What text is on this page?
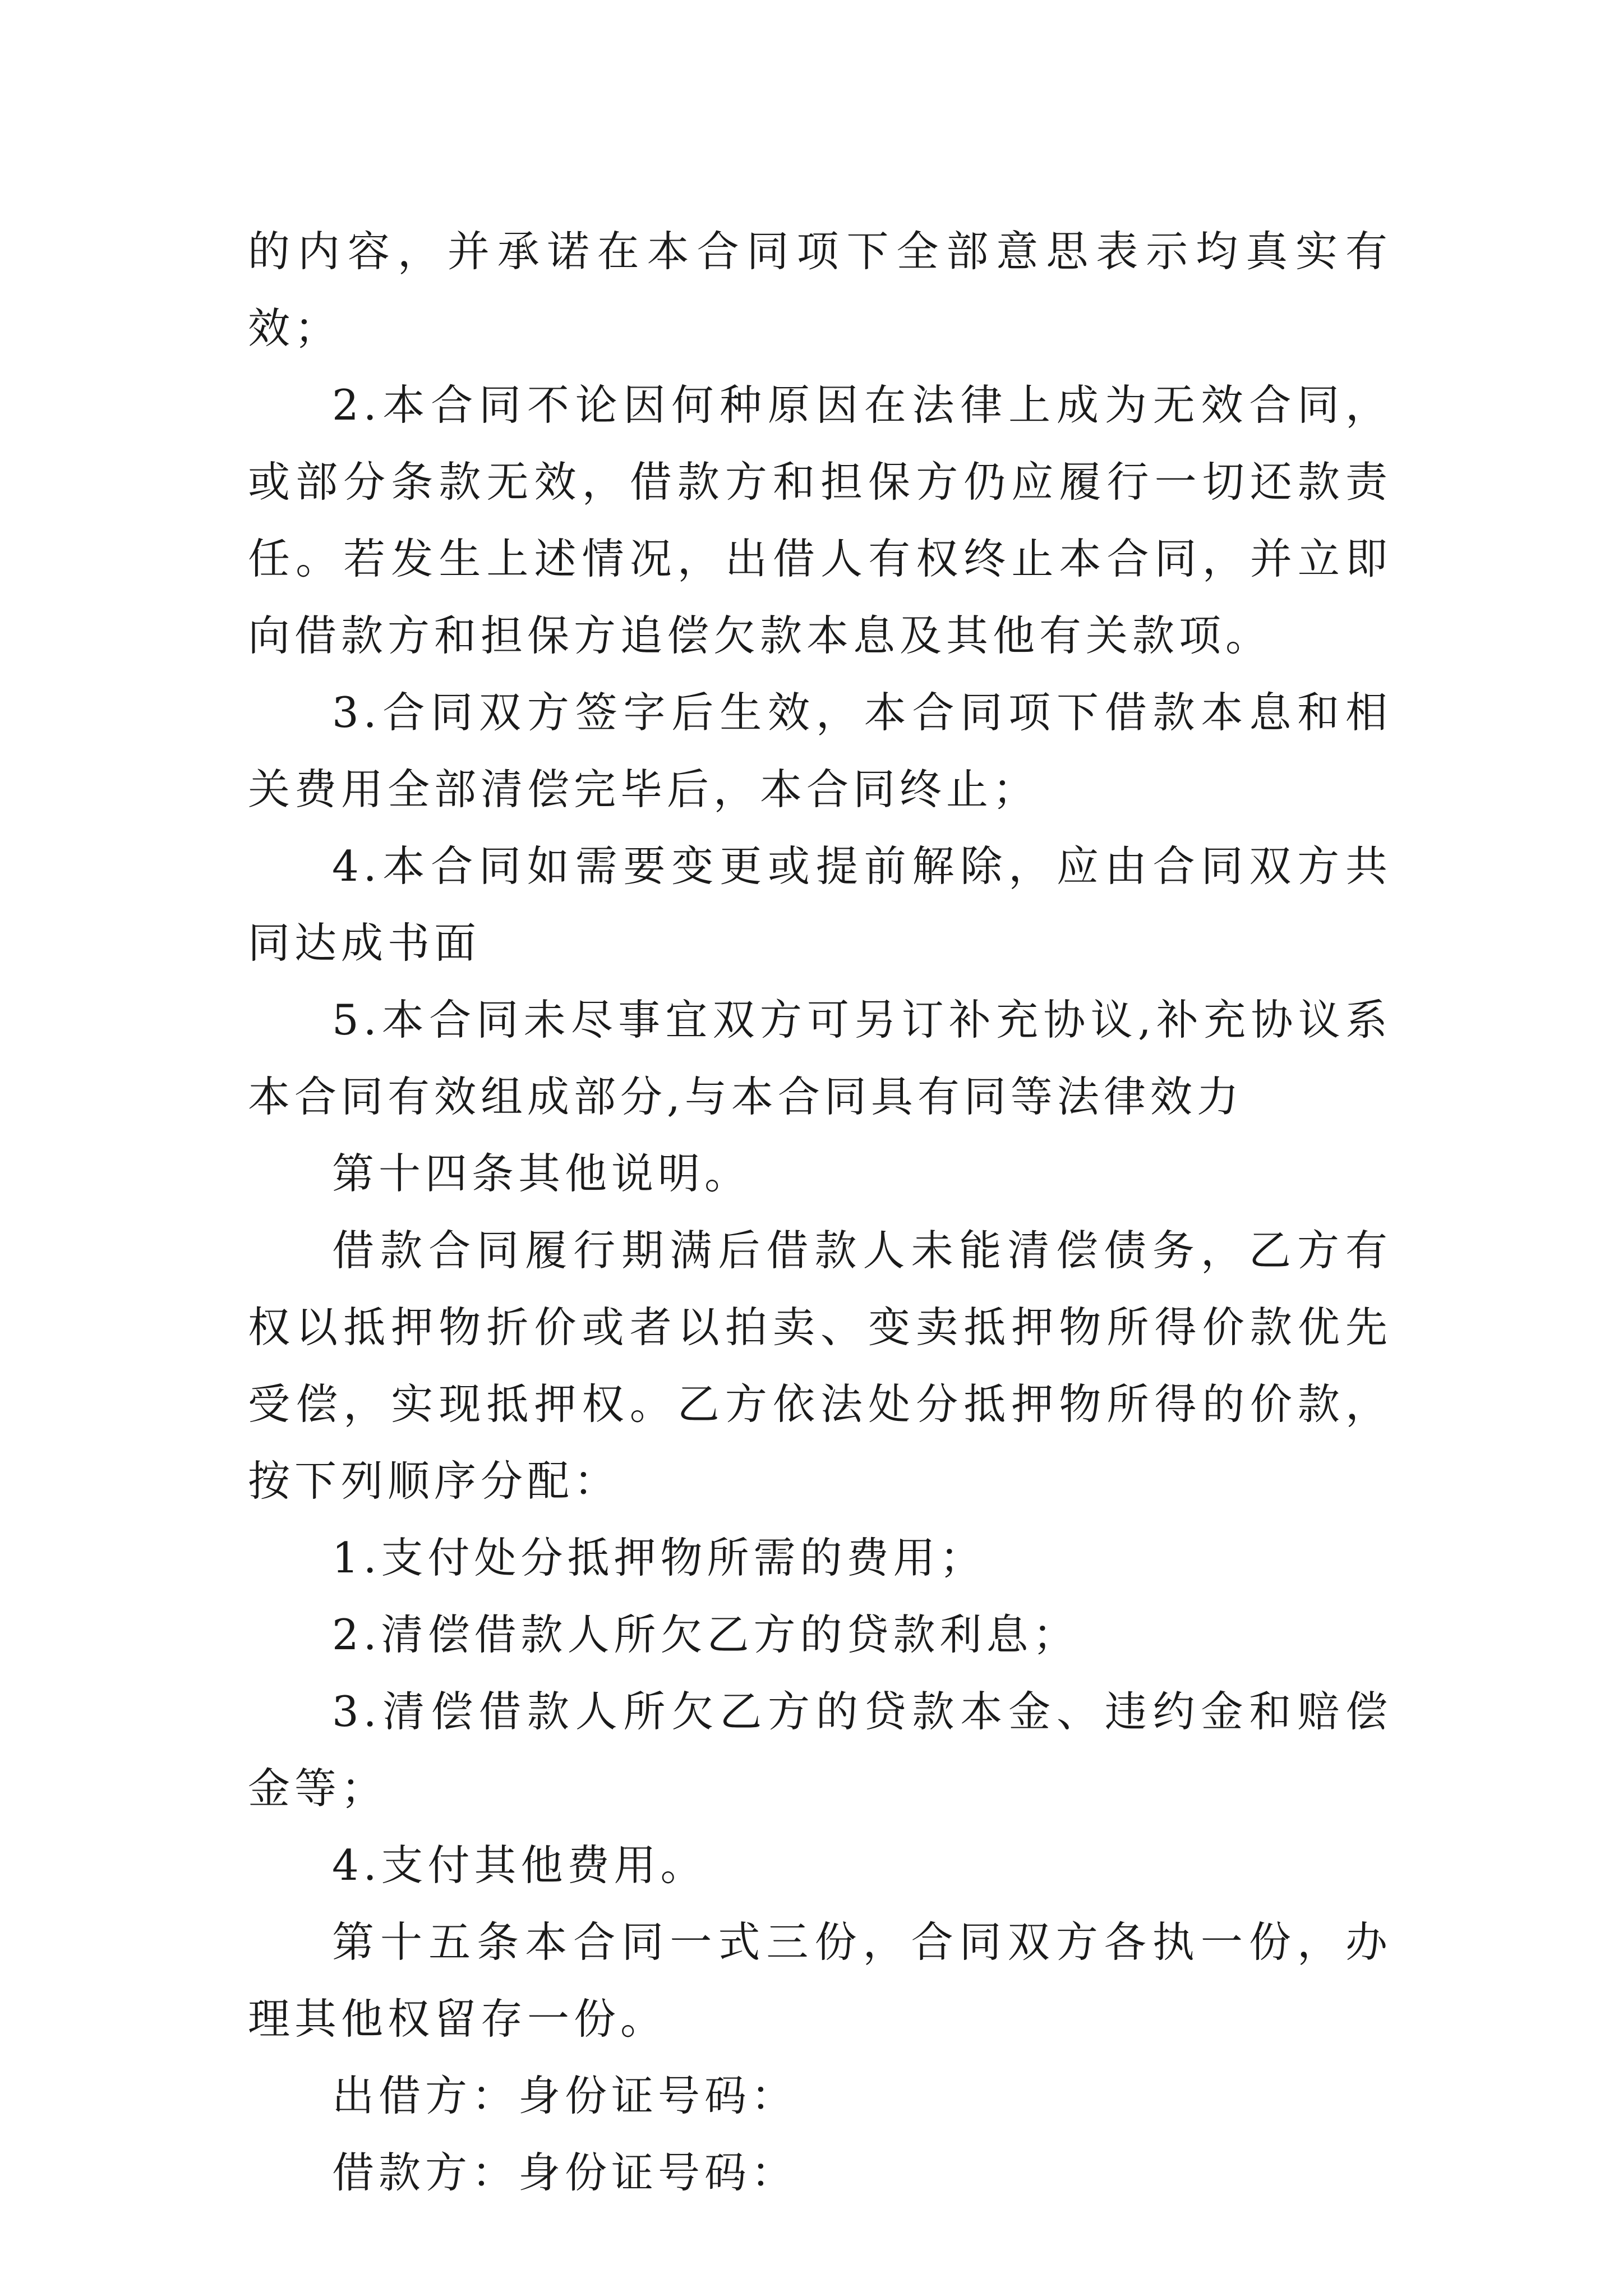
的内容，并承诺在本合同项下全部意思表示均真实有效；

2.本合同不论因何种原因在法律上成为无效合同，或部分条款无效，借款方和担保方仍应履行一切还款责任。若发生上述情况，出借人有权终止本合同，并立即向借款方和担保方追偿欠款本息及其他有关款项。

3.合同双方签字后生效，本合同项下借款本息和相关费用全部清偿完毕后，本合同终止；

4.本合同如需要变更或提前解除，应由合同双方共同达成书面

5.本合同未尽事宜双方可另订补充协议,补充协议系本合同有效组成部分,与本合同具有同等法律效力

第十四条其他说明。

借款合同履行期满后借款人未能清偿债务，乙方有权以抵押物折价或者以拍卖、变卖抵押物所得价款优先受偿，实现抵押权。乙方依法处分抵押物所得的价款，按下列顺序分配：

1.支付处分抵押物所需的费用；

2.清偿借款人所欠乙方的贷款利息；

3.清偿借款人所欠乙方的贷款本金、违约金和赔偿金等；

4.支付其他费用。

第十五条本合同一式三份，合同双方各执一份，办理其他权留存一份。

出借方：身份证号码：

借款方：身份证号码：
